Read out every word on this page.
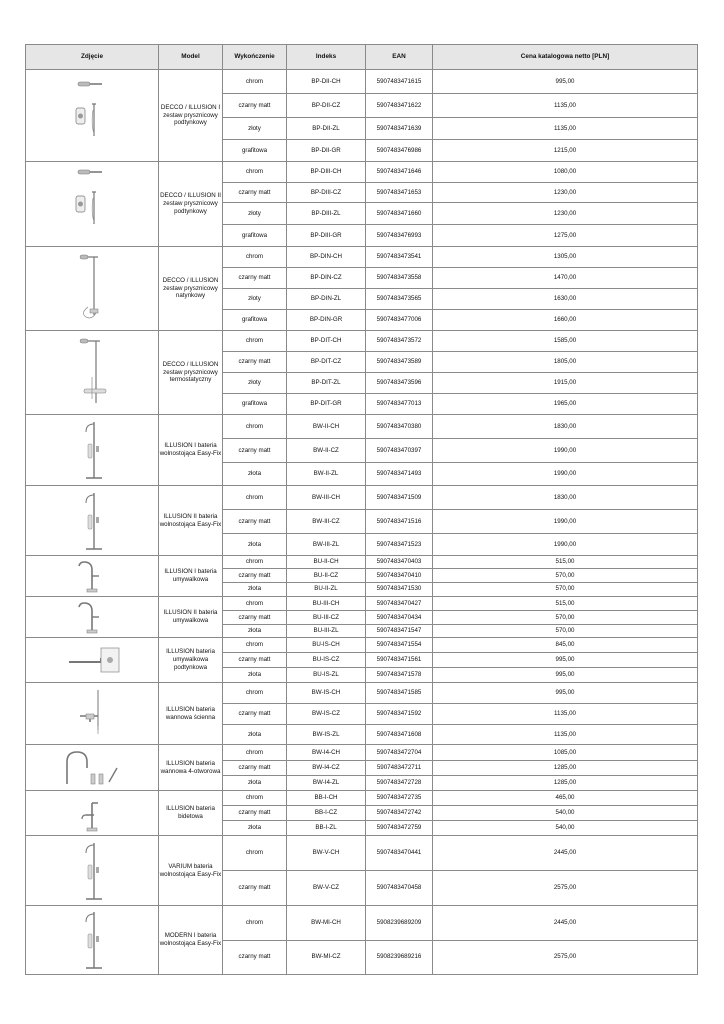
Zdjęcie	Model	Wykończenie	Indeks	EAN	Cena katalogowa netto [PLN]

	DECCO / ILLUSION I zestaw prysznicowy podtynkowy	chrom	BP-DII-CH	5907483471615	995,00
		czarny matt	BP-DII-CZ	5907483471622	1135,00
		złoty	BP-DII-ZL	5907483471639	1135,00
		grafitowa	BP-DII-GR	5907483476986	1215,00

	DECCO / ILLUSION II zestaw prysznicowy podtynkowy	chrom	BP-DIII-CH	5907483471646	1080,00
		czarny matt	BP-DIII-CZ	5907483471653	1230,00
		złoty	BP-DIII-ZL	5907483471660	1230,00
		grafitowa	BP-DIII-GR	5907483476993	1275,00

	DECCO / ILLUSION zestaw prysznicowy natynkowy	chrom	BP-DIN-CH	5907483473541	1305,00
		czarny matt	BP-DIN-CZ	5907483473558	1470,00
		złoty	BP-DIN-ZL	5907483473565	1630,00
		grafitowa	BP-DIN-GR	5907483477006	1660,00

	DECCO / ILLUSION zestaw prysznicowy termostatyczny	chrom	BP-DIT-CH	5907483473572	1585,00
		czarny matt	BP-DIT-CZ	5907483473589	1805,00
		złoty	BP-DIT-ZL	5907483473596	1915,00
		grafitowa	BP-DIT-GR	5907483477013	1965,00

	ILLUSION I bateria wolnostojąca Easy-Fix	chrom	BW-II-CH	5907483470380	1830,00
		czarny matt	BW-II-CZ	5907483470397	1990,00
		złota	BW-II-ZL	5907483471493	1990,00

	ILLUSION II bateria wolnostojąca Easy-Fix	chrom	BW-III-CH	5907483471509	1830,00
		czarny matt	BW-III-CZ	5907483471516	1990,00
		złota	BW-III-ZL	5907483471523	1990,00

	ILLUSION I bateria umywalkowa	chrom	BU-II-CH	5907483470403	515,00
		czarny matt	BU-II-CZ	5907483470410	570,00
		złota	BU-II-ZL	5907483471530	570,00

	ILLUSION II bateria umywalkowa	chrom	BU-III-CH	5907483470427	515,00
		czarny matt	BU-III-CZ	5907483470434	570,00
		złota	BU-III-ZL	5907483471547	570,00

	ILLUSION bateria umywalkowa podtynkowa	chrom	BU-IS-CH	5907483471554	845,00
		czarny matt	BU-IS-CZ	5907483471561	995,00
		złota	BU-IS-ZL	5907483471578	995,00

	ILLUSION bateria wannowa ścienna	chrom	BW-IS-CH	5907483471585	995,00
		czarny matt	BW-IS-CZ	5907483471592	1135,00
		złota	BW-IS-ZL	5907483471608	1135,00

	ILLUSION bateria wannowa 4-otworowa	chrom	BW-I4-CH	5907483472704	1085,00
		czarny matt	BW-I4-CZ	5907483472711	1285,00
		złota	BW-I4-ZL	5907483472728	1285,00

	ILLUSION bateria bidetowa	chrom	BB-I-CH	5907483472735	465,00
		czarny matt	BB-I-CZ	5907483472742	540,00
		złota	BB-I-ZL	5907483472759	540,00

	VARIUM bateria wolnostojąca Easy-Fix	chrom	BW-V-CH	5907483470441	2445,00
		czarny matt	BW-V-CZ	5907483470458	2575,00

	MODERN I bateria wolnostojąca Easy-Fix	chrom	BW-MI-CH	5908239689209	2445,00
		czarny matt	BW-MI-CZ	5908239689216	2575,00
